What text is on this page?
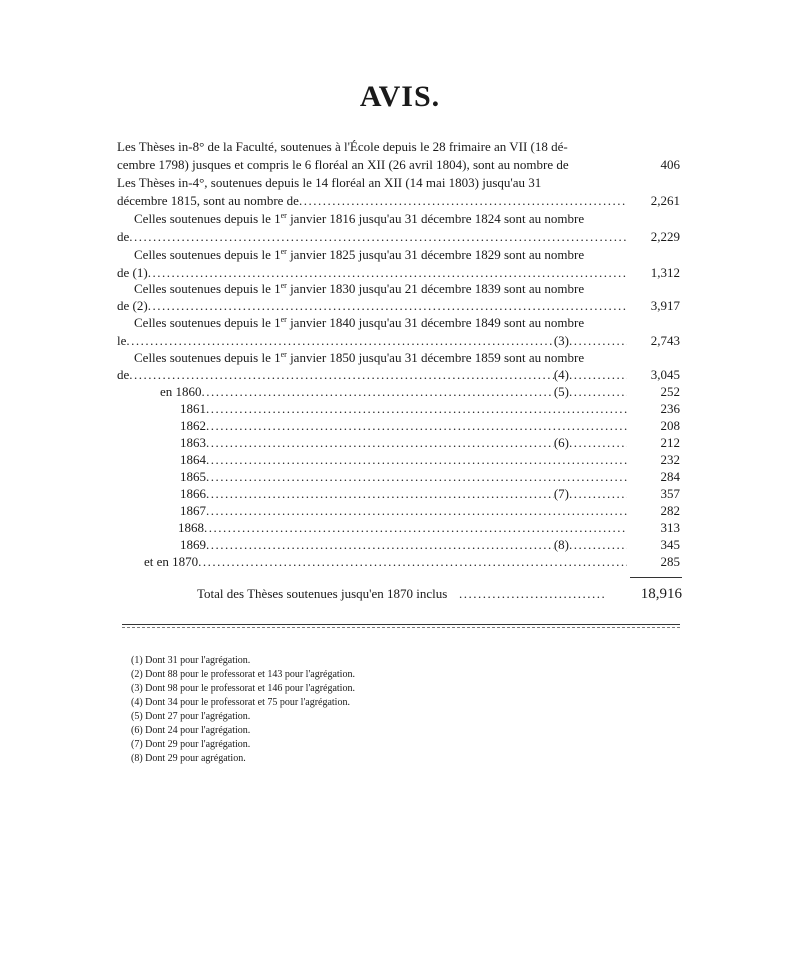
AVIS.
Les Thèses in-8° de la Faculté, soutenues à l'École depuis le 28 frimaire an VII (18 dé-
cembre 1798) jusques et compris le 6 floréal an XII (26 avril 1804), sont au nombre de	406
Les Thèses in-4°, soutenues depuis le 14 floréal an XII (14 mai 1803) jusqu'au 31
décembre 1815, sont au nombre de .....	2,261
Celles soutenues depuis le 1er janvier 1816 jusqu'au 31 décembre 1824 sont au nombre
de .....	2,229
Celles soutenues depuis le 1er janvier 1825 jusqu'au 31 décembre 1829 sont au nombre
de (1) .....	1,312
Celles soutenues depuis le 1er janvier 1830 jusqu'au 21 décembre 1839 sont au nombre
de (2) .....	3,917
Celles soutenues depuis le 1er janvier 1840 jusqu'au 31 décembre 1849 sont au nombre
le .....	(3) .....	2,743
Celles soutenues depuis le 1er janvier 1850 jusqu'au 31 décembre 1859 sont au nombre
de .....	(4) .....	3,045
en 1860 .....	(5) .....	252
1861 .....	236
1862 .....	208
1863 .....	(6) .....	212
1864 .....	232
1865 .....	284
1866 .....	(7) .....	357
1867 .....	282
1868 .....	313
1869 .....	(8) .....	345
et en 1870 .....	285
Total des Thèses soutenues jusqu'en 1870 inclus .....	18,916
(1) Dont 31 pour l'agrégation.
(2) Dont 88 pour le professorat et 143 pour l'agrégation.
(3) Dont 98 pour le professorat et 146 pour l'agrégation.
(4) Dont 34 pour le professorat et 75 pour l'agrégation.
(5) Dont 27 pour l'agrégation.
(6) Dont 24 pour l'agrégation.
(7) Dont 29 pour l'agrégation.
(8) Dont 29 pour agrégation.
